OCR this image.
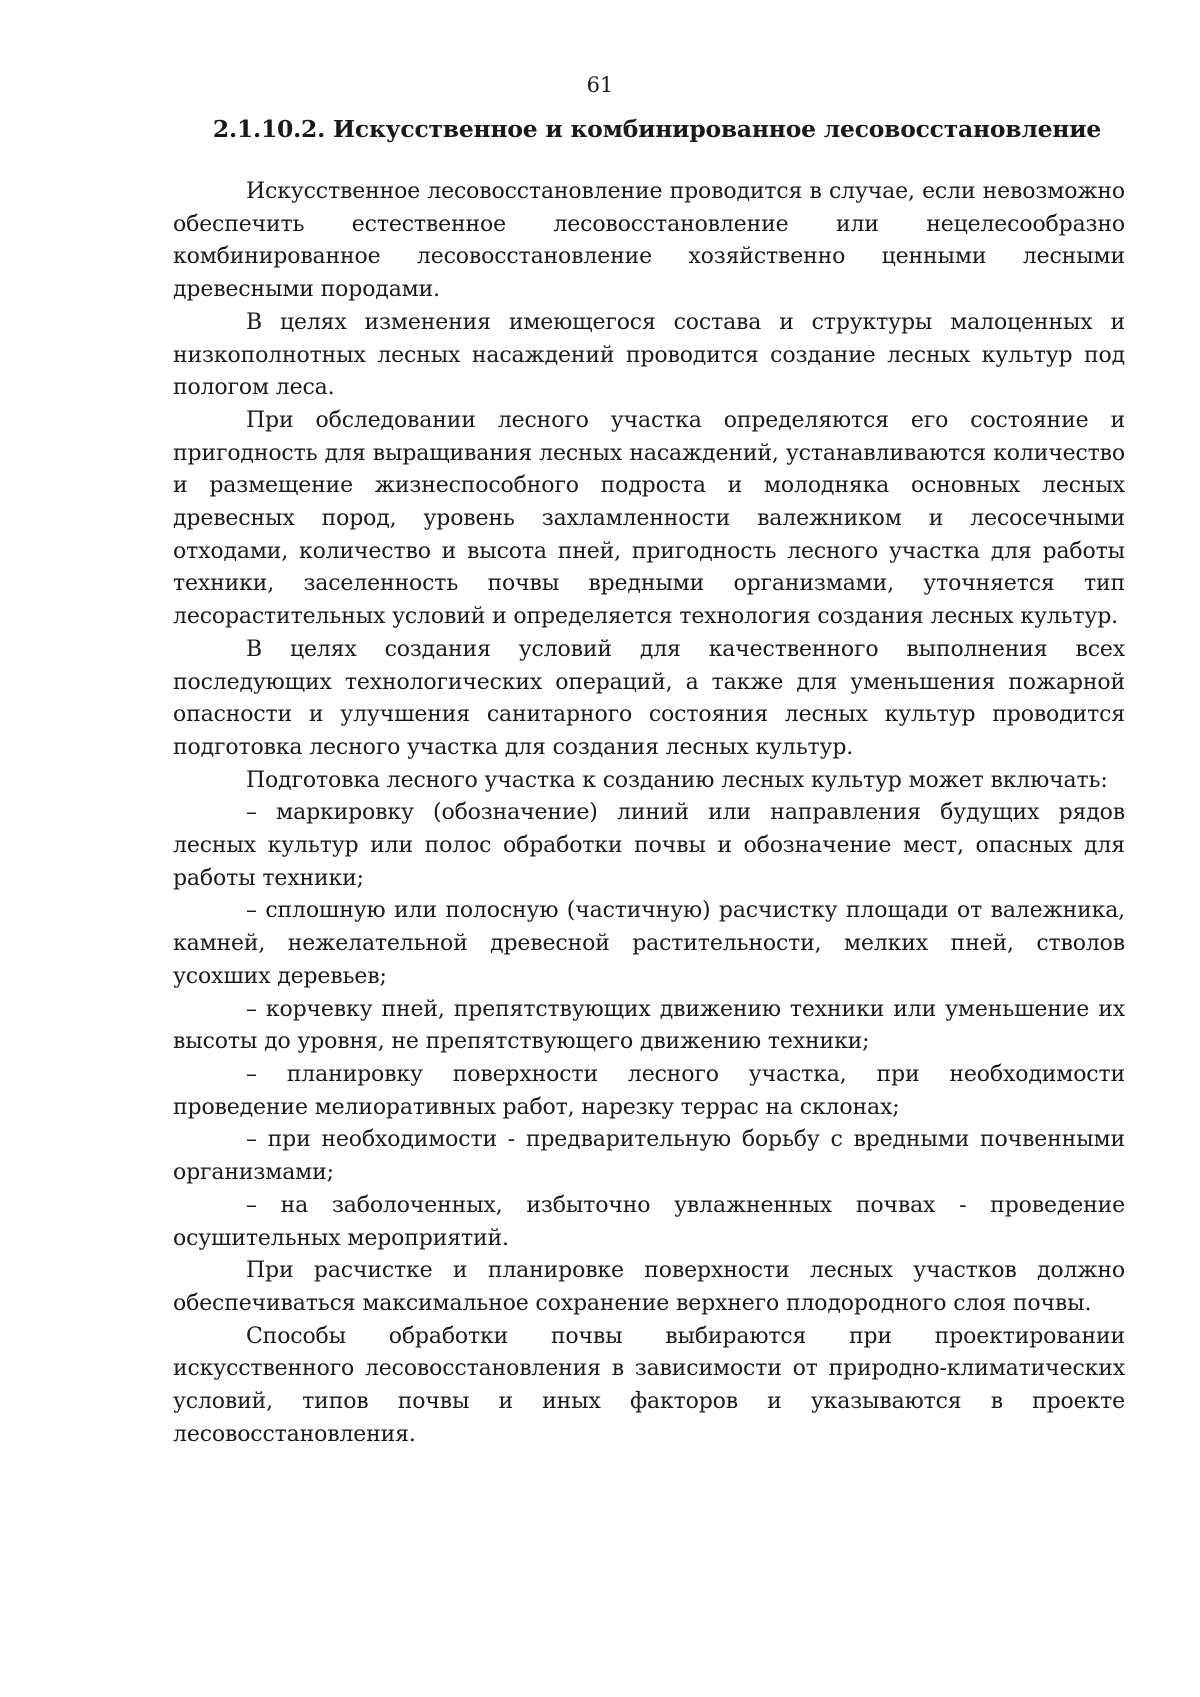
61
2.1.10.2. Искусственное и комбинированное лесовосстановление

Искусственное лесовосстановление проводится в случае, если невозможно обеспечить естественное лесовосстановление или нецелесообразно комбинированное лесовосстановление хозяйственно ценными лесными древесными породами.

В целях изменения имеющегося состава и структуры малоценных и низкополнотных лесных насаждений проводится создание лесных культур под пологом леса.

При обследовании лесного участка определяются его состояние и пригодность для выращивания лесных насаждений, устанавливаются количество и размещение жизнеспособного подроста и молодняка основных лесных древесных пород, уровень захламленности валежником и лесосечными отходами, количество и высота пней, пригодность лесного участка для работы техники, заселенность почвы вредными организмами, уточняется тип лесорастительных условий и определяется технология создания лесных культур.

В целях создания условий для качественного выполнения всех последующих технологических операций, а также для уменьшения пожарной опасности и улучшения санитарного состояния лесных культур проводится подготовка лесного участка для создания лесных культур.

Подготовка лесного участка к созданию лесных культур может включать:

– маркировку (обозначение) линий или направления будущих рядов лесных культур или полос обработки почвы и обозначение мест, опасных для работы техники;

– сплошную или полосную (частичную) расчистку площади от валежника, камней, нежелательной древесной растительности, мелких пней, стволов усохших деревьев;

– корчевку пней, препятствующих движению техники или уменьшение их высоты до уровня, не препятствующего движению техники;

– планировку поверхности лесного участка, при необходимости проведение мелиоративных работ, нарезку террас на склонах;

– при необходимости - предварительную борьбу с вредными почвенными организмами;

– на заболоченных, избыточно увлажненных почвах - проведение осушительных мероприятий.

При расчистке и планировке поверхности лесных участков должно обеспечиваться максимальное сохранение верхнего плодородного слоя почвы.

Способы обработки почвы выбираются при проектировании искусственного лесовосстановления в зависимости от природно-климатических условий, типов почвы и иных факторов и указываются в проекте лесовосстановления.
